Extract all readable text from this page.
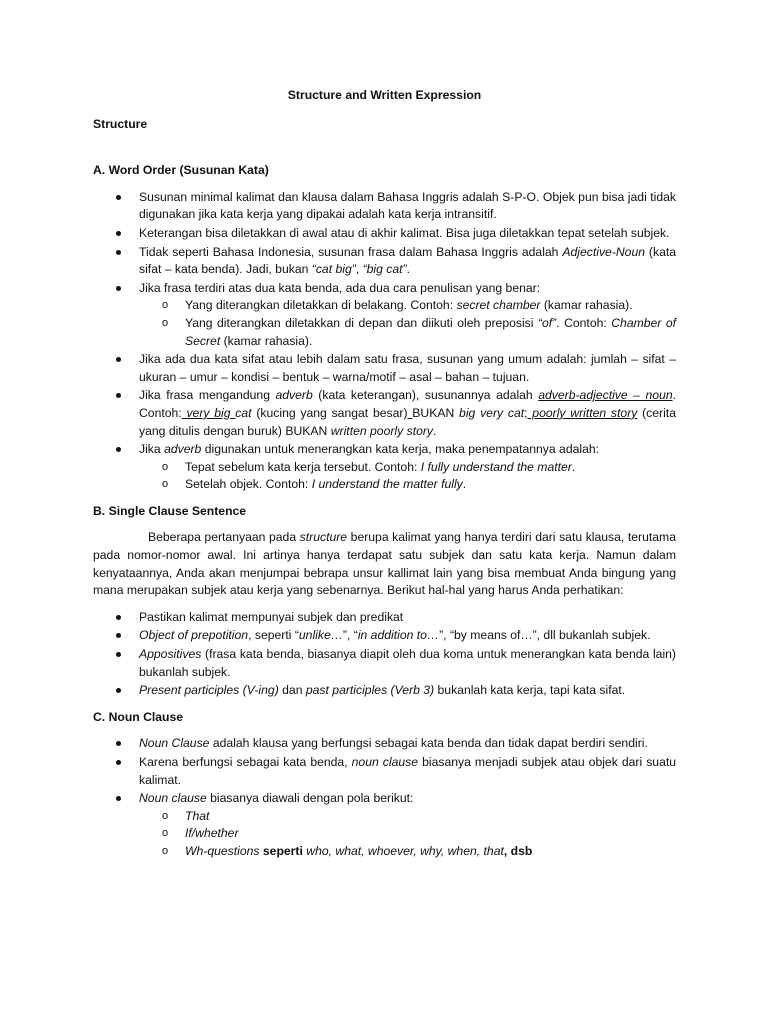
Structure and Written Expression
Structure
A. Word Order (Susunan Kata)
Susunan minimal kalimat dan klausa dalam Bahasa Inggris adalah S-P-O. Objek pun bisa jadi tidak digunakan jika kata kerja yang dipakai adalah kata kerja intransitif.
Keterangan bisa diletakkan di awal atau di akhir kalimat. Bisa juga diletakkan tepat setelah subjek.
Tidak seperti Bahasa Indonesia, susunan frasa dalam Bahasa Inggris adalah Adjective-Noun (kata sifat – kata benda). Jadi, bukan “cat big”, “big cat”.
Jika frasa terdiri atas dua kata benda, ada dua cara penulisan yang benar:
o Yang diterangkan diletakkan di belakang. Contoh: secret chamber (kamar rahasia).
o Yang diterangkan diletakkan di depan dan diikuti oleh preposisi “of”. Contoh: Chamber of Secret (kamar rahasia).
Jika ada dua kata sifat atau lebih dalam satu frasa, susunan yang umum adalah: jumlah – sifat – ukuran – umur – kondisi – bentuk – warna/motif – asal – bahan – tujuan.
Jika frasa mengandung adverb (kata keterangan), susunannya adalah adverb-adjective – noun. Contoh: very big cat (kucing yang sangat besar) BUKAN big very cat; poorly written story (cerita yang ditulis dengan buruk) BUKAN written poorly story.
Jika adverb digunakan untuk menerangkan kata kerja, maka penempatannya adalah:
o Tepat sebelum kata kerja tersebut. Contoh: I fully understand the matter.
o Setelah objek. Contoh: I understand the matter fully.
B. Single Clause Sentence

Beberapa pertanyaan pada structure berupa kalimat yang hanya terdiri dari satu klausa, terutama pada nomor-nomor awal. Ini artinya hanya terdapat satu subjek dan satu kata kerja. Namun dalam kenyataannya, Anda akan menjumpai bebrapa unsur kallimat lain yang bisa membuat Anda bingung yang mana merupakan subjek atau kerja yang sebenarnya. Berikut hal-hal yang harus Anda perhatikan:

Pastikan kalimat mempunyai subjek dan predikat
Object of prepotition, seperti “unlike…”, “in addition to…”, “by means of…”, dll bukanlah subjek.
Appositives (frasa kata benda, biasanya diapit oleh dua koma untuk menerangkan kata benda lain) bukanlah subjek.
Present participles (V-ing) dan past participles (Verb 3) bukanlah kata kerja, tapi kata sifat.
C. Noun Clause
Noun Clause adalah klausa yang berfungsi sebagai kata benda dan tidak dapat berdiri sendiri.
Karena berfungsi sebagai kata benda, noun clause biasanya menjadi subjek atau objek dari suatu kalimat.
Noun clause biasanya diawali dengan pola berikut:
o That
o If/whether
o Wh-questions seperti who, what, whoever, why, when, that, dsb
